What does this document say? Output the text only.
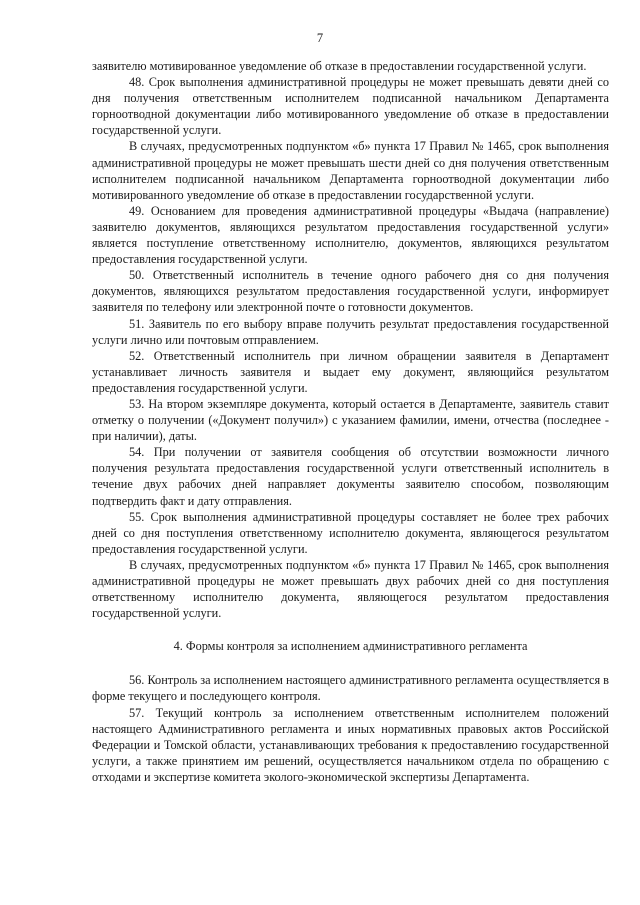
7

заявителю мотивированное уведомление об отказе в предоставлении государственной услуги.

48. Срок выполнения административной процедуры не может превышать девяти дней со дня получения ответственным исполнителем подписанной начальником Департамента горноотводной документации либо мотивированного уведомление об отказе в предоставлении государственной услуги.

В случаях, предусмотренных подпунктом «б» пункта 17 Правил № 1465, срок выполнения административной процедуры не может превышать шести дней со дня получения ответственным исполнителем подписанной начальником Департамента горноотводной документации либо мотивированного уведомление об отказе в предоставлении государственной услуги.

49. Основанием для проведения административной процедуры «Выдача (направление) заявителю документов, являющихся результатом предоставления государственной услуги» является поступление ответственному исполнителю, документов, являющихся результатом предоставления государственной услуги.

50. Ответственный исполнитель в течение одного рабочего дня со дня получения документов, являющихся результатом предоставления государственной услуги, информирует заявителя по телефону или электронной почте о готовности документов.

51. Заявитель по его выбору вправе получить результат предоставления государственной услуги лично или почтовым отправлением.

52. Ответственный исполнитель при личном обращении заявителя в Департамент устанавливает личность заявителя и выдает ему документ, являющийся результатом предоставления государственной услуги.

53. На втором экземпляре документа, который остается в Департаменте, заявитель ставит отметку о получении («Документ получил») с указанием фамилии, имени, отчества (последнее - при наличии), даты.

54. При получении от заявителя сообщения об отсутствии возможности личного получения результата предоставления государственной услуги ответственный исполнитель в течение двух рабочих дней направляет документы заявителю способом, позволяющим подтвердить факт и дату отправления.

55. Срок выполнения административной процедуры составляет не более трех рабочих дней со дня поступления ответственному исполнителю документа, являющегося результатом предоставления государственной услуги.

В случаях, предусмотренных подпунктом «б» пункта 17 Правил № 1465, срок выполнения административной процедуры не может превышать двух рабочих дней со дня поступления ответственному исполнителю документа, являющегося результатом предоставления государственной услуги.

4. Формы контроля за исполнением административного регламента

56. Контроль за исполнением настоящего административного регламента осуществляется в форме текущего и последующего контроля.

57. Текущий контроль за исполнением ответственным исполнителем положений настоящего Административного регламента и иных нормативных правовых актов Российской Федерации и Томской области, устанавливающих требования к предоставлению государственной услуги, а также принятием им решений, осуществляется начальником отдела по обращению с отходами и экспертизе комитета эколого-экономической экспертизы Департамента.
